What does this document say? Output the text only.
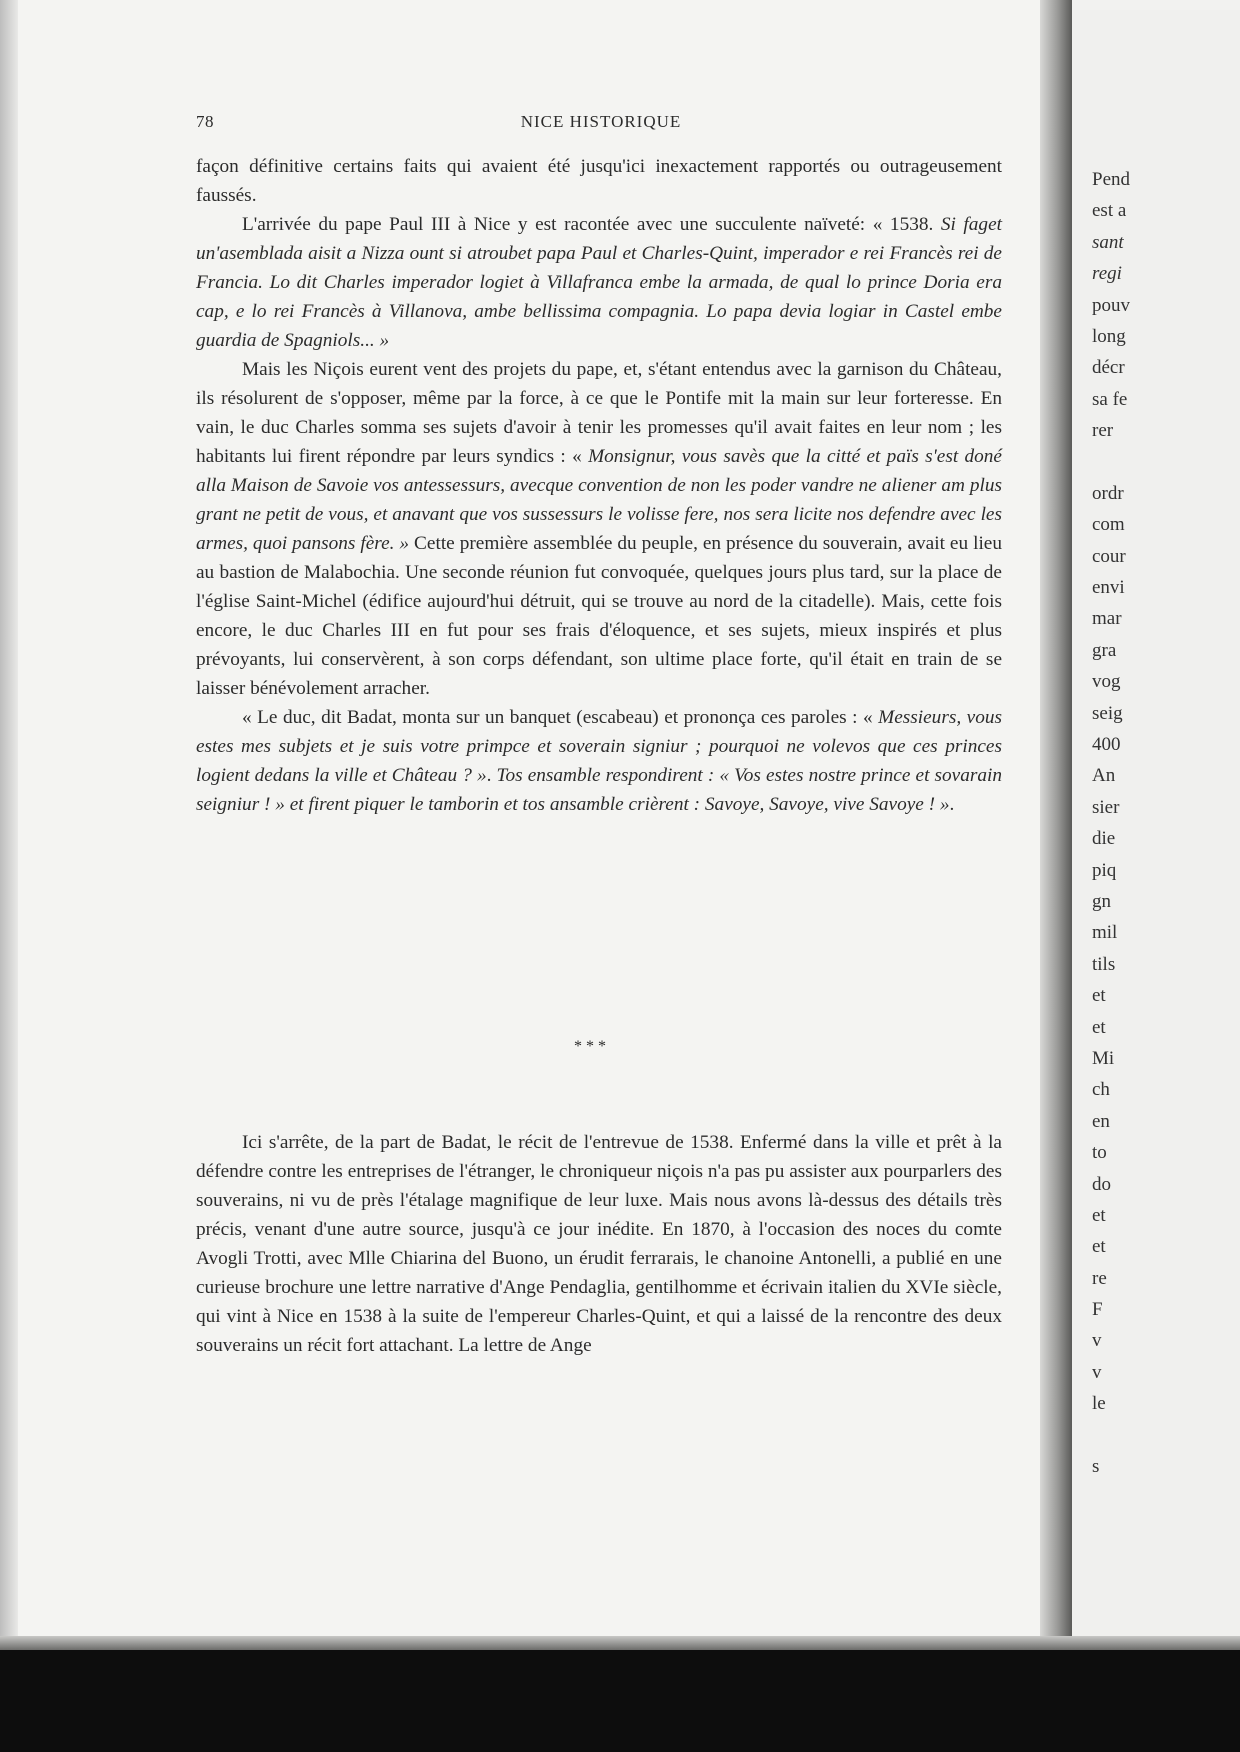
78	NICE HISTORIQUE

façon définitive certains faits qui avaient été jusqu'ici inexactement rapportés ou outrageusement faussés.

L'arrivée du pape Paul III à Nice y est racontée avec une succulente naïveté: « 1538. Si faget un'asemblada aisit a Nizza ount si atroubet papa Paul et Charles-Quint, imperador e rei Francès rei de Francia. Lo dit Charles imperador logiet à Villafranca embe la armada, de qual lo prince Doria era cap, e lo rei Francès à Villanova, ambe bellissima compagnia. Lo papa devia logiar in Castel embe guardia de Spagniols... »

Mais les Niçois eurent vent des projets du pape, et, s'étant entendus avec la garnison du Château, ils résolurent de s'opposer, même par la force, à ce que le Pontife mit la main sur leur forteresse. En vain, le duc Charles somma ses sujets d'avoir à tenir les promesses qu'il avait faites en leur nom ; les habitants lui firent répondre par leurs syndics : « Monsignur, vous savès que la citté et païs s'est doné alla Maison de Savoie vos antessessurs, avecque convention de non les poder vandre ne aliener am plus grant ne petit de vous, et anavant que vos sussessurs le volisse fere, nos sera licite nos defendre avec les armes, quoi pansons fère. » Cette première assemblée du peuple, en présence du souverain, avait eu lieu au bastion de Malabochia. Une seconde réunion fut convoquée, quelques jours plus tard, sur la place de l'église Saint-Michel (édifice aujourd'hui détruit, qui se trouve au nord de la citadelle). Mais, cette fois encore, le duc Charles III en fut pour ses frais d'éloquence, et ses sujets, mieux inspirés et plus prévoyants, lui conservèrent, à son corps défendant, son ultime place forte, qu'il était en train de se laisser bénévolement arracher.

« Le duc, dit Badat, monta sur un banquet (escabeau) et prononça ces paroles : « Messieurs, vous estes mes subjets et je suis votre primpce et soverain signiur ; pourquoi ne volevos que ces princes logient dedans la ville et Château ? ». Tos ensamble respondirent : « Vos estes nostre prince et sovarain seigniur ! » et firent piquer le tamborin et tos ansamble crièrent : Savoye, Savoye, vive Savoye ! ».

* * *

Ici s'arrête, de la part de Badat, le récit de l'entrevue de 1538. Enfermé dans la ville et prêt à la défendre contre les entreprises de l'étranger, le chroniqueur niçois n'a pas pu assister aux pourparlers des souverains, ni vu de près l'étalage magnifique de leur luxe. Mais nous avons là-dessus des détails très précis, venant d'une autre source, jusqu'à ce jour inédite. En 1870, à l'occasion des noces du comte Avogli Trotti, avec Mlle Chiarina del Buono, un érudit ferrarais, le chanoine Antonelli, a publié en une curieuse brochure une lettre narrative d'Ange Pendaglia, gentilhomme et écrivain italien du XVIe siècle, qui vint à Nice en 1538 à la suite de l'empereur Charles-Quint, et qui a laissé de la rencontre des deux souverains un récit fort attachant. La lettre de Ange

Pend
est a
sant
regi
pouv
long
décr
sa fe
rer
ordr
com
cour
envi
mar
gra
vog
seig
400
An
sier
die
piq
gn
mil
tils
et
et
Mi
ch
en
to
do
et
et
re
F
v
v
le
s
